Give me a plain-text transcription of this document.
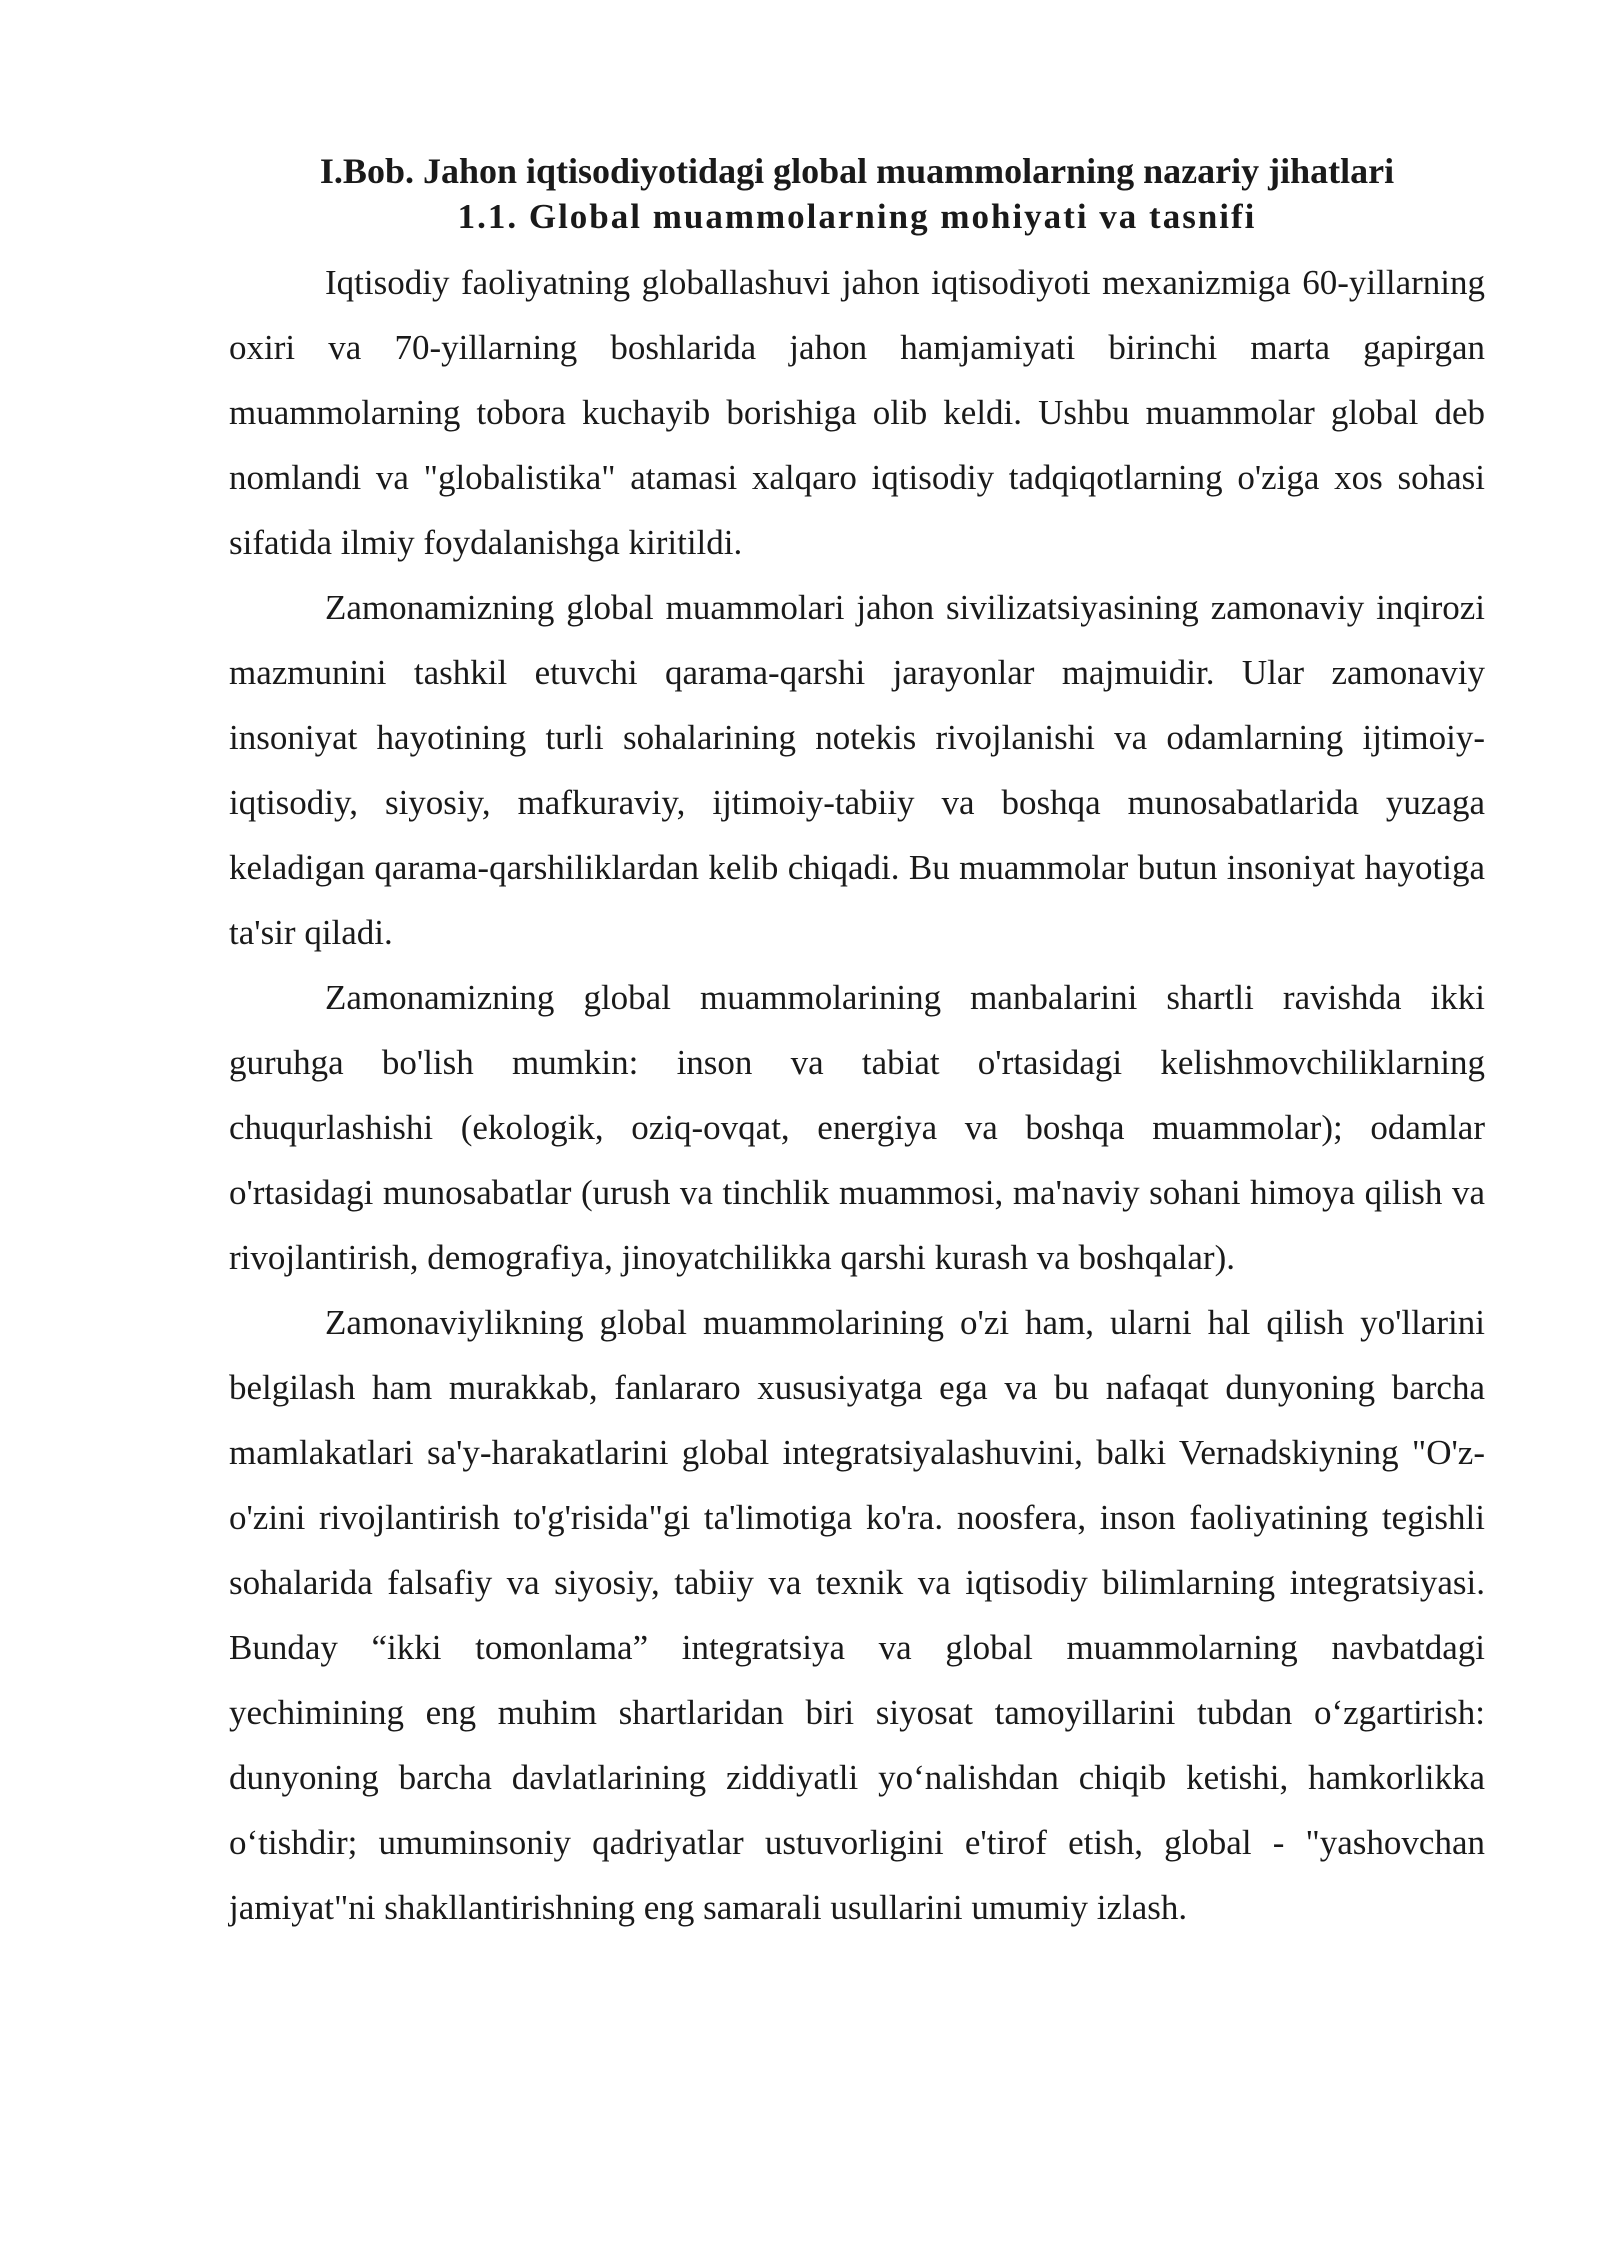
I.Bob. Jahon iqtisodiyotidagi global muammolarning nazariy jihatlari
1.1. Global muammolarning mohiyati va tasnifi

Iqtisodiy faoliyatning globallashuvi jahon iqtisodiyoti mexanizmiga 60-yillarning oxiri va 70-yillarning boshlarida jahon hamjamiyati birinchi marta gapirgan muammolarning tobora kuchayib borishiga olib keldi. Ushbu muammolar global deb nomlandi va "globalistika" atamasi xalqaro iqtisodiy tadqiqotlarning o'ziga xos sohasi sifatida ilmiy foydalanishga kiritildi.

Zamonamizning global muammolari jahon sivilizatsiyasining zamonaviy inqirozi mazmunini tashkil etuvchi qarama-qarshi jarayonlar majmuidir. Ular zamonaviy insoniyat hayotining turli sohalarining notekis rivojlanishi va odamlarning ijtimoiy-iqtisodiy, siyosiy, mafkuraviy, ijtimoiy-tabiiy va boshqa munosabatlarida yuzaga keladigan qarama-qarshiliklardan kelib chiqadi. Bu muammolar butun insoniyat hayotiga ta'sir qiladi.

Zamonamizning global muammolarining manbalarini shartli ravishda ikki guruhga bo'lish mumkin: inson va tabiat o'rtasidagi kelishmovchiliklarning chuqurlashishi (ekologik, oziq-ovqat, energiya va boshqa muammolar); odamlar o'rtasidagi munosabatlar (urush va tinchlik muammosi, ma'naviy sohani himoya qilish va rivojlantirish, demografiya, jinoyatchilikka qarshi kurash va boshqalar).

Zamonaviylikning global muammolarining o'zi ham, ularni hal qilish yo'llarini belgilash ham murakkab, fanlararo xususiyatga ega va bu nafaqat dunyoning barcha mamlakatlari sa'y-harakatlarini global integratsiyalashuvini, balki Vernadskiyning "O'z-o'zini rivojlantirish to'g'risida"gi ta'limotiga ko'ra. noosfera, inson faoliyatining tegishli sohalarida falsafiy va siyosiy, tabiiy va texnik va iqtisodiy bilimlarning integratsiyasi. Bunday “ikki tomonlama” integratsiya va global muammolarning navbatdagi yechimining eng muhim shartlaridan biri siyosat tamoyillarini tubdan o‘zgartirish: dunyoning barcha davlatlarining ziddiyatli yo‘nalishdan chiqib ketishi, hamkorlikka o‘tishdir; umuminsoniy qadriyatlar ustuvorligini e'tirof etish, global - "yashovchan jamiyat"ni shakllantirishning eng samarali usullarini umumiy izlash.
